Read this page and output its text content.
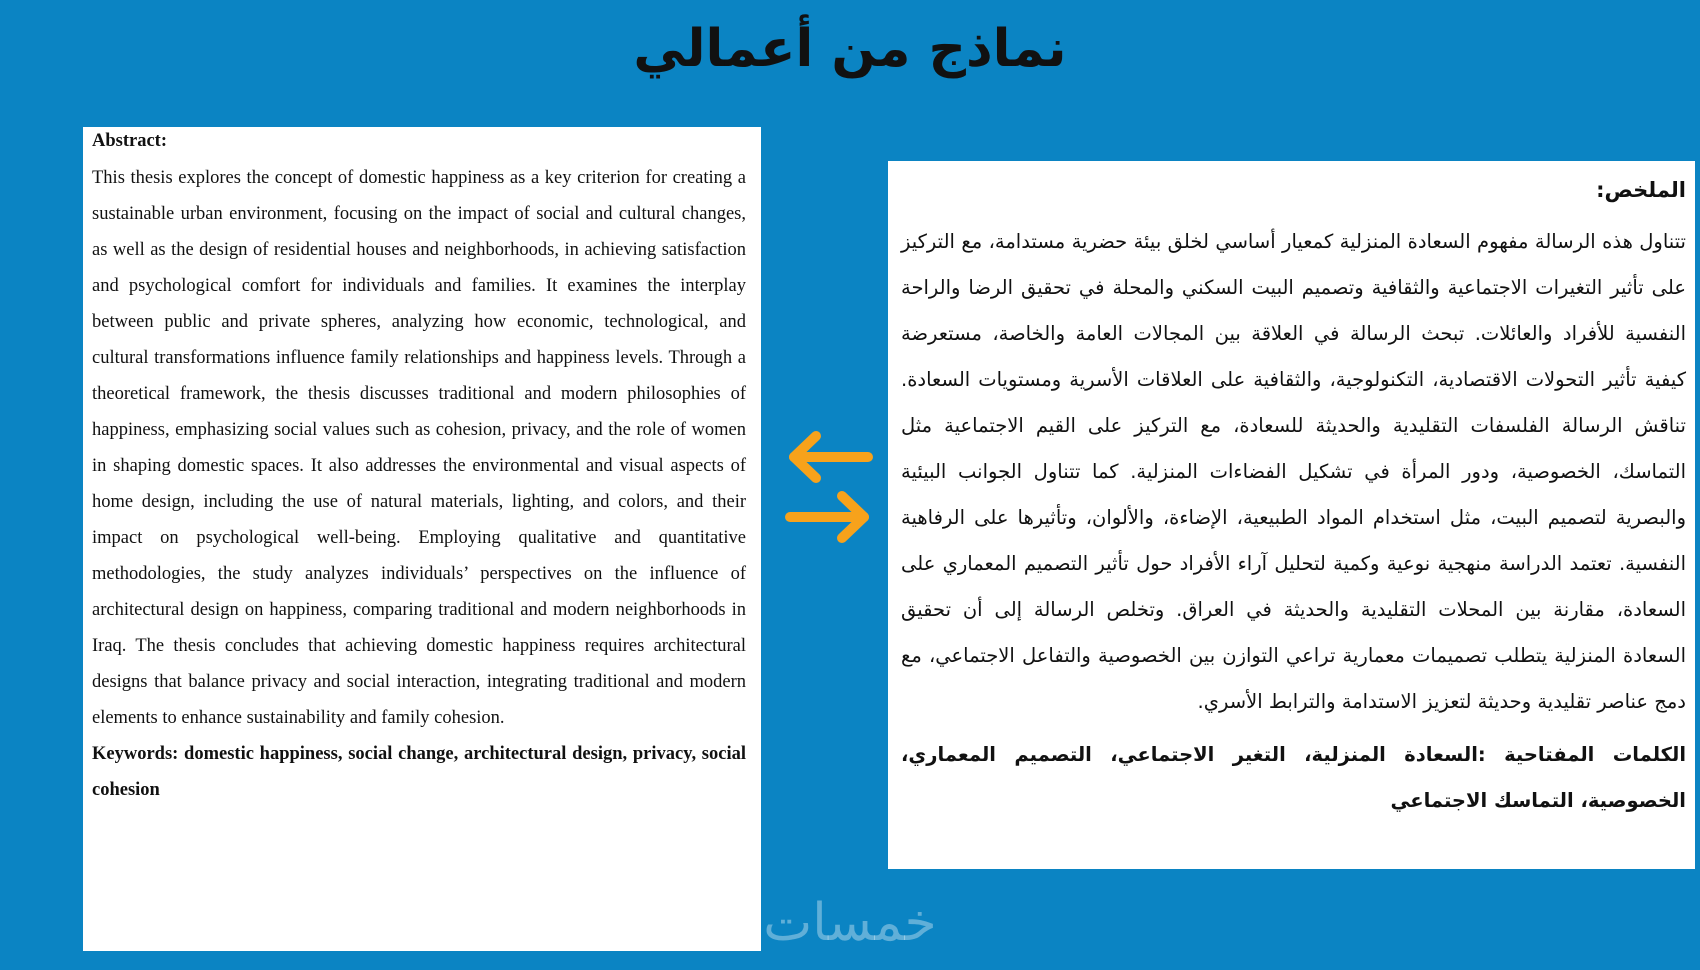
نماذج من أعمالي
Abstract:

This thesis explores the concept of domestic happiness as a key criterion for creating a sustainable urban environment, focusing on the impact of social and cultural changes, as well as the design of residential houses and neighborhoods, in achieving satisfaction and psychological comfort for individuals and families. It examines the interplay between public and private spheres, analyzing how economic, technological, and cultural transformations influence family relationships and happiness levels. Through a theoretical framework, the thesis discusses traditional and modern philosophies of happiness, emphasizing social values such as cohesion, privacy, and the role of women in shaping domestic spaces. It also addresses the environmental and visual aspects of home design, including the use of natural materials, lighting, and colors, and their impact on psychological well-being. Employing qualitative and quantitative methodologies, the study analyzes individuals’ perspectives on the influence of architectural design on happiness, comparing traditional and modern neighborhoods in Iraq. The thesis concludes that achieving domestic happiness requires architectural designs that balance privacy and social interaction, integrating traditional and modern elements to enhance sustainability and family cohesion.

Keywords: domestic happiness, social change, architectural design, privacy, social cohesion

الملخص:

تتناول هذه الرسالة مفهوم السعادة المنزلية كمعيار أساسي لخلق بيئة حضرية مستدامة، مع التركيز على تأثير التغيرات الاجتماعية والثقافية وتصميم البيت السكني والمحلة في تحقيق الرضا والراحة النفسية للأفراد والعائلات. تبحث الرسالة في العلاقة بين المجالات العامة والخاصة، مستعرضة كيفية تأثير التحولات الاقتصادية، التكنولوجية، والثقافية على العلاقات الأسرية ومستويات السعادة. تناقش الرسالة الفلسفات التقليدية والحديثة للسعادة، مع التركيز على القيم الاجتماعية مثل التماسك، الخصوصية، ودور المرأة في تشكيل الفضاءات المنزلية. كما تتناول الجوانب البيئية والبصرية لتصميم البيت، مثل استخدام المواد الطبيعية، الإضاءة، والألوان، وتأثيرها على الرفاهية النفسية. تعتمد الدراسة منهجية نوعية وكمية لتحليل آراء الأفراد حول تأثير التصميم المعماري على السعادة، مقارنة بين المحلات التقليدية والحديثة في العراق. وتخلص الرسالة إلى أن تحقيق السعادة المنزلية يتطلب تصميمات معمارية تراعي التوازن بين الخصوصية والتفاعل الاجتماعي، مع دمج عناصر تقليدية وحديثة لتعزيز الاستدامة والترابط الأسري.

الكلمات المفتاحية :السعادة المنزلية، التغير الاجتماعي، التصميم المعماري، الخصوصية، التماسك الاجتماعي

خمسات
